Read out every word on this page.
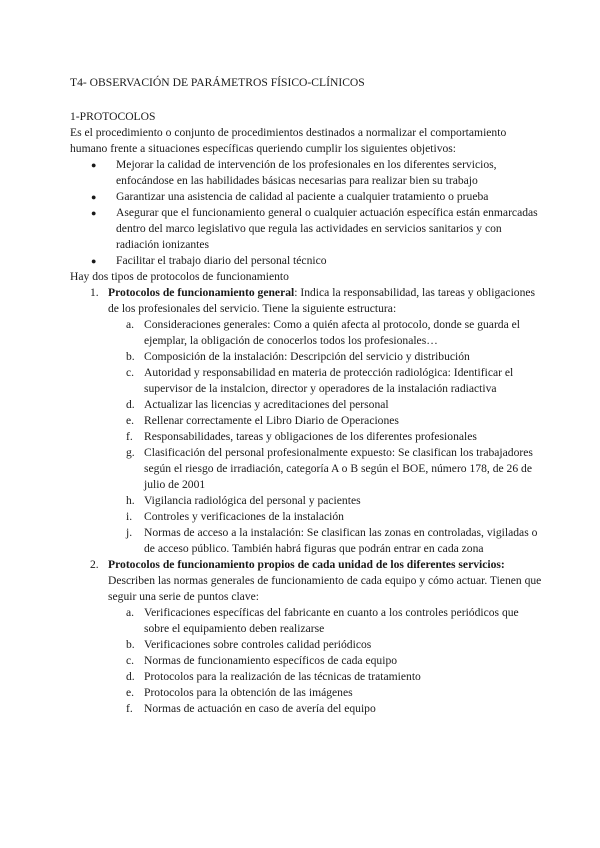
T4- OBSERVACIÓN DE PARÁMETROS FÍSICO-CLÍNICOS

1-PROTOCOLOS

Es el procedimiento o conjunto de procedimientos destinados a normalizar el comportamiento humano frente a situaciones específicas queriendo cumplir los siguientes objetivos:

● Mejorar la calidad de intervención de los profesionales en los diferentes servicios, enfocándose en las habilidades básicas necesarias para realizar bien su trabajo
● Garantizar una asistencia de calidad al paciente a cualquier tratamiento o prueba
● Asegurar que el funcionamiento general o cualquier actuación específica están enmarcadas dentro del marco legislativo que regula las actividades en servicios sanitarios y con radiación ionizantes
● Facilitar el trabajo diario del personal técnico

Hay dos tipos de protocolos de funcionamiento

1. Protocolos de funcionamiento general: Indica la responsabilidad, las tareas y obligaciones de los profesionales del servicio. Tiene la siguiente estructura:
a. Consideraciones generales: Como a quién afecta al protocolo, donde se guarda el ejemplar, la obligación de conocerlos todos los profesionales…
b. Composición de la instalación: Descripción del servicio y distribución
c. Autoridad y responsabilidad en materia de protección radiológica: Identificar el supervisor de la instalcion, director y operadores de la instalación radiactiva
d. Actualizar las licencias y acreditaciones del personal
e. Rellenar correctamente el Libro Diario de Operaciones
f. Responsabilidades, tareas y obligaciones de los diferentes profesionales
g. Clasificación del personal profesionalmente expuesto: Se clasifican los trabajadores según el riesgo de irradiación, categoría A o B según el BOE, número 178, de 26 de julio de 2001
h. Vigilancia radiológica del personal y pacientes
i. Controles y verificaciones de la instalación
j. Normas de acceso a la instalación: Se clasifican las zonas en controladas, vigiladas o de acceso público. También habrá figuras que podrán entrar en cada zona
2. Protocolos de funcionamiento propios de cada unidad de los diferentes servicios: Describen las normas generales de funcionamiento de cada equipo y cómo actuar. Tienen que seguir una serie de puntos clave:
a. Verificaciones específicas del fabricante en cuanto a los controles periódicos que sobre el equipamiento deben realizarse
b. Verificaciones sobre controles calidad periódicos
c. Normas de funcionamiento específicos de cada equipo
d. Protocolos para la realización de las técnicas de tratamiento
e. Protocolos para la obtención de las imágenes
f. Normas de actuación en caso de avería del equipo
